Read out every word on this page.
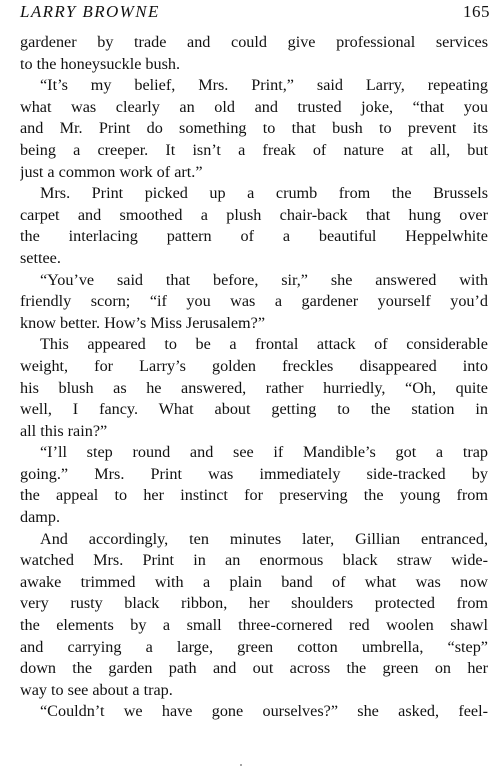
LARRY BROWNE	165
gardener by trade and could give professional services
to the honeysuckle bush.
“It’s my belief, Mrs. Print,” said Larry, repeating
what was clearly an old and trusted joke, “that you
and Mr. Print do something to that bush to prevent its
being a creeper. It isn’t a freak of nature at all, but
just a common work of art.”
Mrs. Print picked up a crumb from the Brussels
carpet and smoothed a plush chair-back that hung over
the interlacing pattern of a beautiful Heppelwhite
settee.
“You’ve said that before, sir,” she answered with
friendly scorn; “if you was a gardener yourself you’d
know better. How’s Miss Jerusalem?”
This appeared to be a frontal attack of considerable
weight, for Larry’s golden freckles disappeared into
his blush as he answered, rather hurriedly, “Oh, quite
well, I fancy. What about getting to the station in
all this rain?”
“I’ll step round and see if Mandible’s got a trap
going.” Mrs. Print was immediately side-tracked by
the appeal to her instinct for preserving the young from
damp.
And accordingly, ten minutes later, Gillian entranced,
watched Mrs. Print in an enormous black straw wide-
awake trimmed with a plain band of what was now
very rusty black ribbon, her shoulders protected from
the elements by a small three-cornered red woolen shawl
and carrying a large, green cotton umbrella, “step”
down the garden path and out across the green on her
way to see about a trap.
“Couldn’t we have gone ourselves?” she asked, feel-
